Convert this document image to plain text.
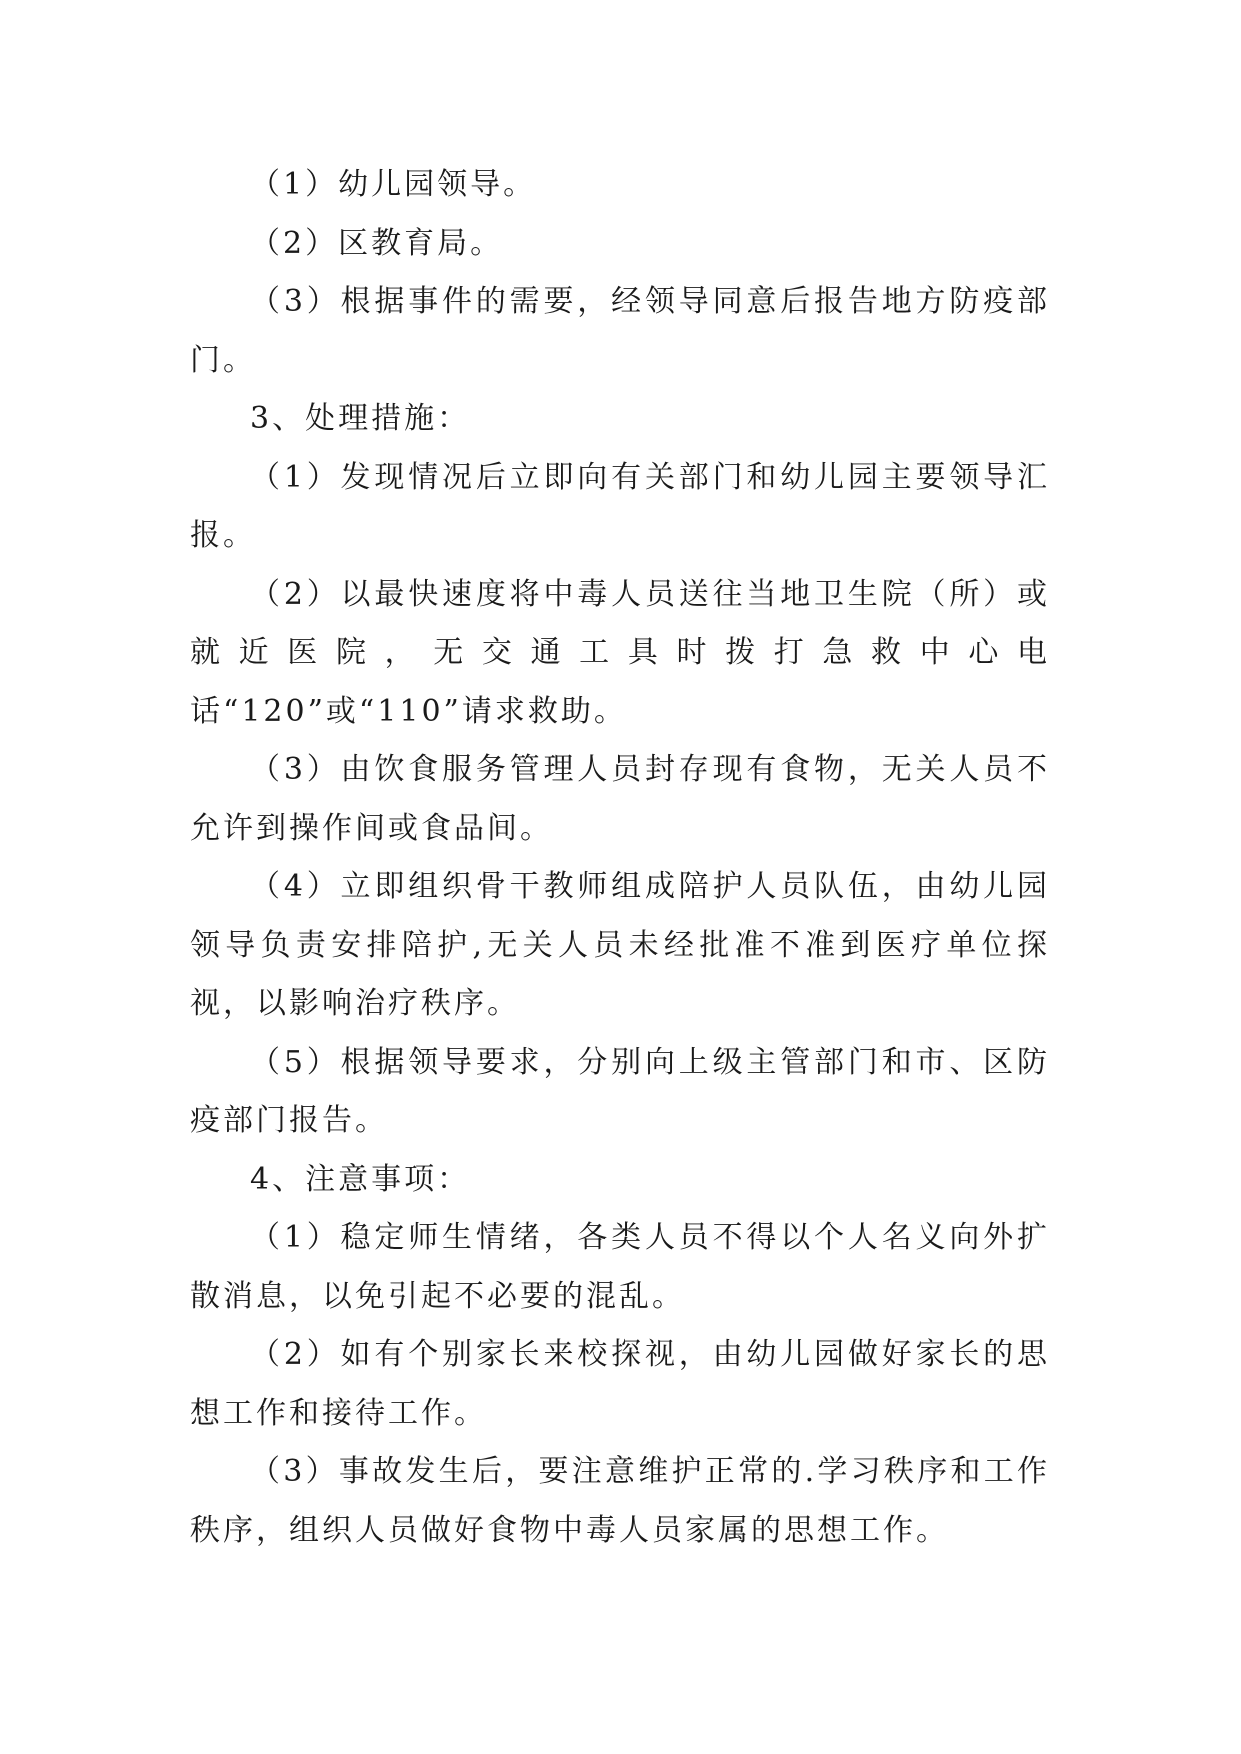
（1）幼儿园领导。

（2）区教育局。

（3）根据事件的需要，经领导同意后报告地方防疫部门。

3、处理措施：

（1）发现情况后立即向有关部门和幼儿园主要领导汇报。

（2）以最快速度将中毒人员送往当地卫生院（所）或就近医院，无交通工具时拨打急救中心电话“120”或“110”请求救助。

（3）由饮食服务管理人员封存现有食物，无关人员不允许到操作间或食品间。

（4）立即组织骨干教师组成陪护人员队伍，由幼儿园领导负责安排陪护,无关人员未经批准不准到医疗单位探视，以影响治疗秩序。

（5）根据领导要求，分别向上级主管部门和市、区防疫部门报告。

4、注意事项：

（1）稳定师生情绪，各类人员不得以个人名义向外扩散消息，以免引起不必要的混乱。

（2）如有个别家长来校探视，由幼儿园做好家长的思想工作和接待工作。

（3）事故发生后，要注意维护正常的.学习秩序和工作秩序，组织人员做好食物中毒人员家属的思想工作。
